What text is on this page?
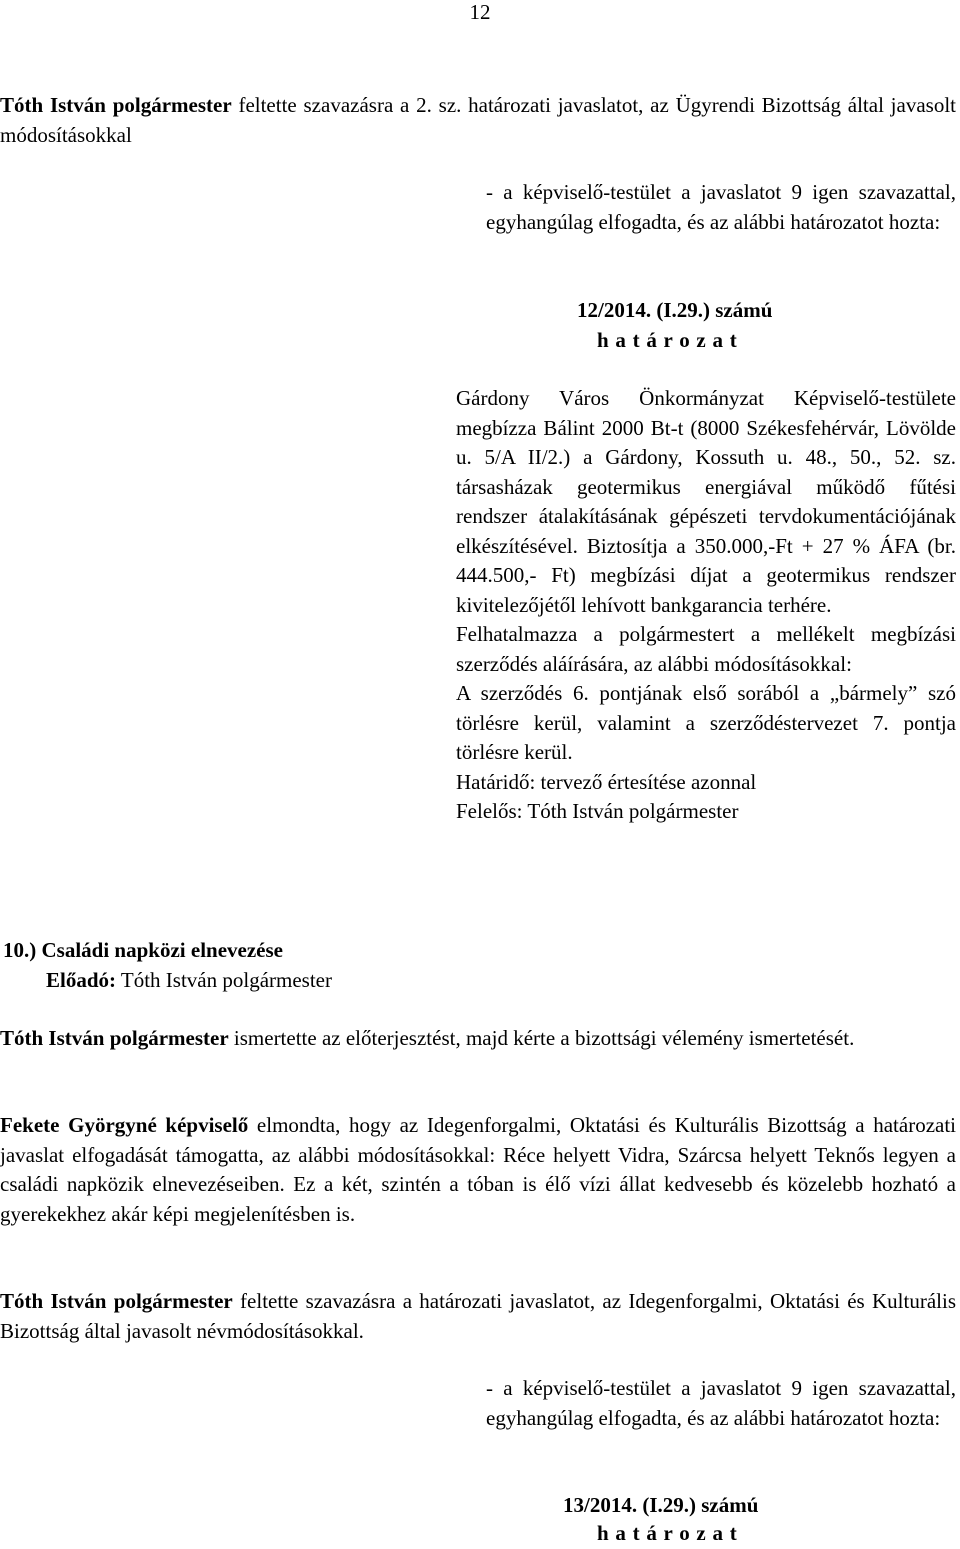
12
Tóth István polgármester feltette szavazásra a 2. sz. határozati javaslatot, az Ügyrendi Bizottság által javasolt módosításokkal
- a képviselő-testület a javaslatot 9 igen szavazattal, egyhangúlag elfogadta, és az alábbi határozatot hozta:
12/2014. (I.29.) számú
határozat
Gárdony Város Önkormányzat Képviselő-testülete megbízza Bálint 2000 Bt-t (8000 Székesfehérvár, Lövölde u. 5/A II/2.) a Gárdony, Kossuth u. 48., 50., 52. sz. társasházak geotermikus energiával működő fűtési rendszer átalakításának gépészeti tervdokumentációjának elkészítésével. Biztosítja a 350.000,-Ft + 27 % ÁFA (br. 444.500,- Ft) megbízási díjat a geotermikus rendszer kivitelezőjétől lehívott bankgarancia terhére.
Felhatalmazza a polgármestert a mellékelt megbízási szerződés aláírására, az alábbi módosításokkal:
A szerződés 6. pontjának első sorából a „bármely” szó törlésre kerül, valamint a szerződéstervezet 7. pontja törlésre kerül.
Határidő: tervező értesítése azonnal
Felelős: Tóth István polgármester
10.) Családi napközi elnevezése
Előadó: Tóth István polgármester
Tóth István polgármester ismertette az előterjesztést, majd kérte a bizottsági vélemény ismertetését.
Fekete Györgyné képviselő elmondta, hogy az Idegenforgalmi, Oktatási és Kulturális Bizottság a határozati javaslat elfogadását támogatta, az alábbi módosításokkal: Réce helyett Vidra, Szárcsa helyett Teknős legyen a családi napközik elnevezéseiben. Ez a két, szintén a tóban is élő vízi állat kedvesebb és közelebb hozható a gyerekekhez akár képi megjelenítésben is.
Tóth István polgármester feltette szavazásra a határozati javaslatot, az Idegenforgalmi, Oktatási és Kulturális Bizottság által javasolt névmódosításokkal.
- a képviselő-testület a javaslatot 9 igen szavazattal, egyhangúlag elfogadta, és az alábbi határozatot hozta:
13/2014. (I.29.) számú
határozat
